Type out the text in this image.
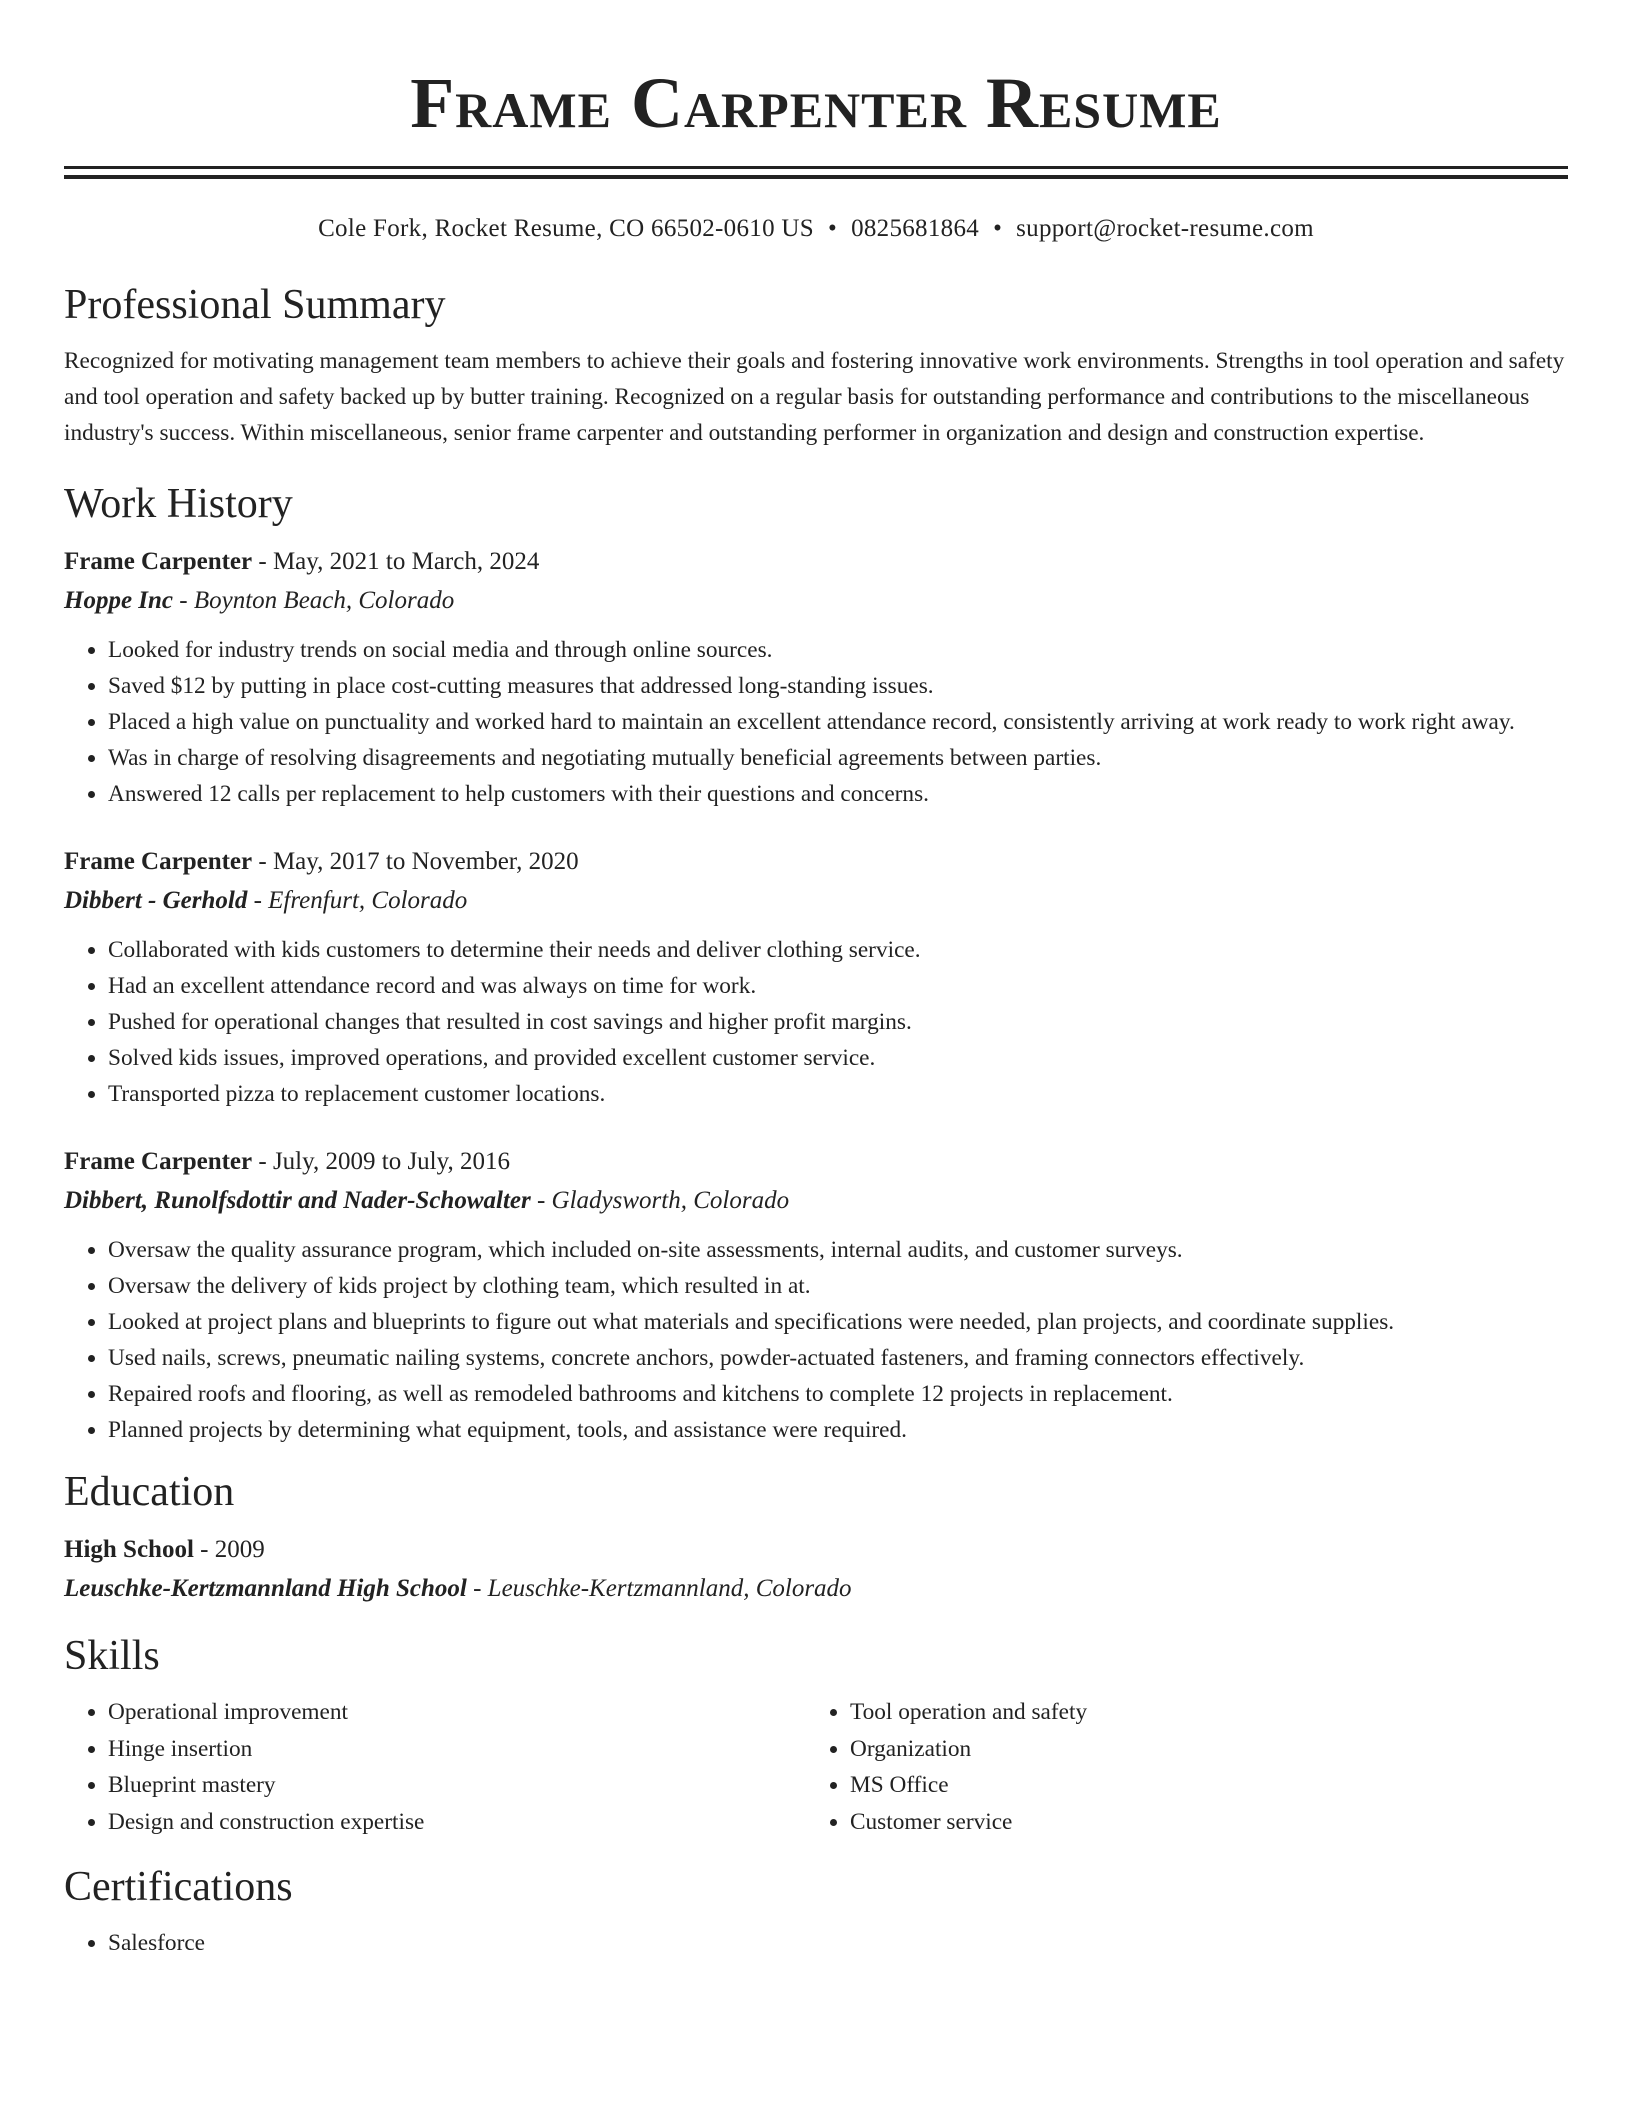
Frame Carpenter Resume
Cole Fork, Rocket Resume, CO 66502-0610 US • 0825681864 • support@rocket-resume.com
Professional Summary

Recognized for motivating management team members to achieve their goals and fostering innovative work environments. Strengths in tool operation and safety and tool operation and safety backed up by butter training. Recognized on a regular basis for outstanding performance and contributions to the miscellaneous industry's success. Within miscellaneous, senior frame carpenter and outstanding performer in organization and design and construction expertise.

Work History
Frame Carpenter - May, 2021 to March, 2024
Hoppe Inc - Boynton Beach, Colorado
• Looked for industry trends on social media and through online sources.
• Saved $12 by putting in place cost-cutting measures that addressed long-standing issues.
• Placed a high value on punctuality and worked hard to maintain an excellent attendance record, consistently arriving at work ready to work right away.
• Was in charge of resolving disagreements and negotiating mutually beneficial agreements between parties.
• Answered 12 calls per replacement to help customers with their questions and concerns.
Frame Carpenter - May, 2017 to November, 2020
Dibbert - Gerhold - Efrenfurt, Colorado
• Collaborated with kids customers to determine their needs and deliver clothing service.
• Had an excellent attendance record and was always on time for work.
• Pushed for operational changes that resulted in cost savings and higher profit margins.
• Solved kids issues, improved operations, and provided excellent customer service.
• Transported pizza to replacement customer locations.
Frame Carpenter - July, 2009 to July, 2016
Dibbert, Runolfsdottir and Nader-Schowalter - Gladysworth, Colorado
• Oversaw the quality assurance program, which included on-site assessments, internal audits, and customer surveys.
• Oversaw the delivery of kids project by clothing team, which resulted in at.
• Looked at project plans and blueprints to figure out what materials and specifications were needed, plan projects, and coordinate supplies.
• Used nails, screws, pneumatic nailing systems, concrete anchors, powder-actuated fasteners, and framing connectors effectively.
• Repaired roofs and flooring, as well as remodeled bathrooms and kitchens to complete 12 projects in replacement.
• Planned projects by determining what equipment, tools, and assistance were required.
Education
High School - 2009
Leuschke-Kertzmannland High School - Leuschke-Kertzmannland, Colorado
Skills
• Operational improvement
• Hinge insertion
• Blueprint mastery
• Design and construction expertise
• Tool operation and safety
• Organization
• MS Office
• Customer service
Certifications
• Salesforce
